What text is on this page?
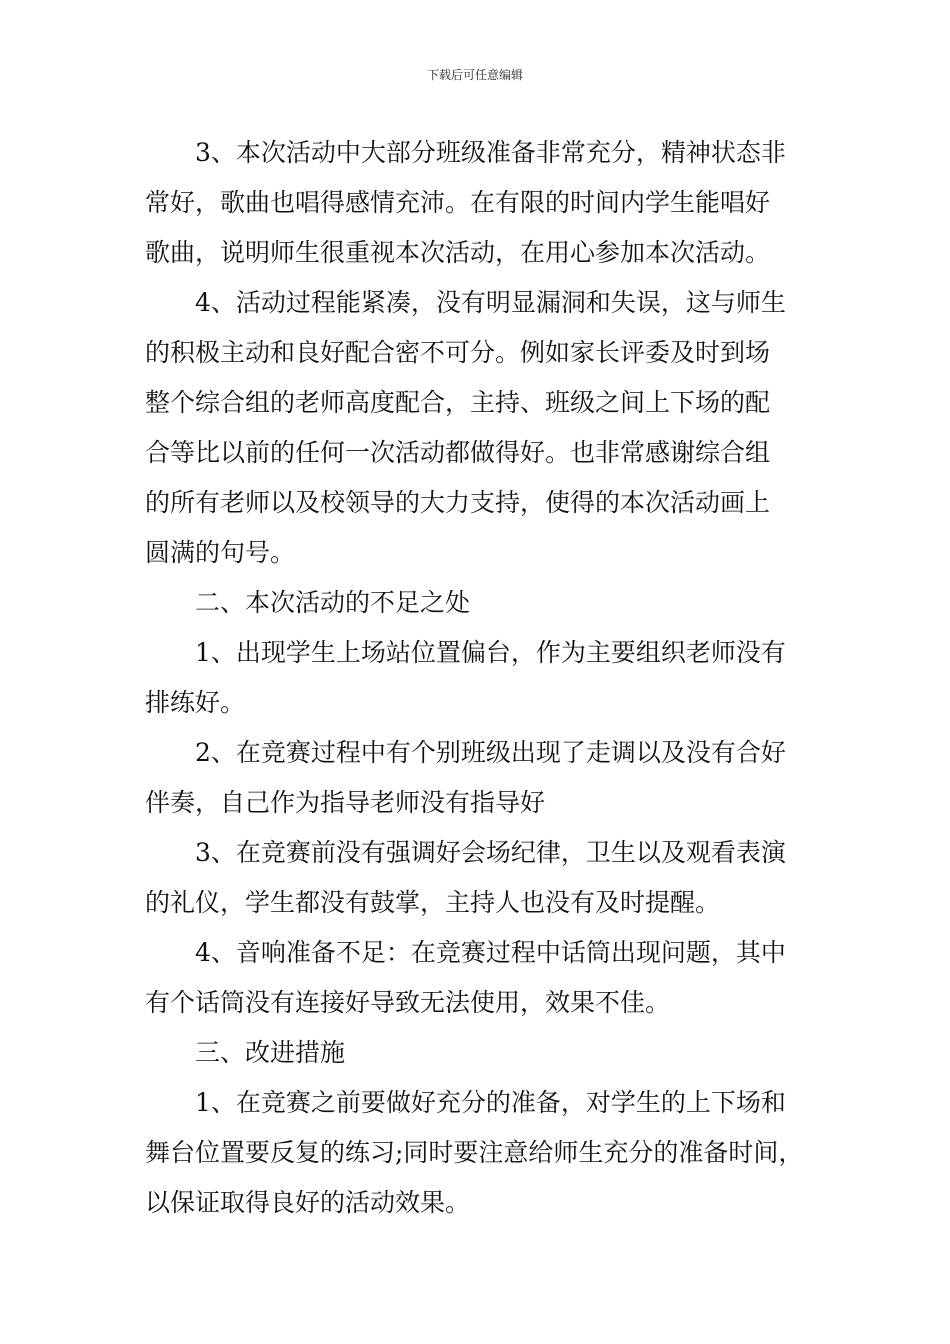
下载后可任意编辑
3、本次活动中大部分班级准备非常充分，精神状态非
常好，歌曲也唱得感情充沛。在有限的时间内学生能唱好
歌曲，说明师生很重视本次活动，在用心参加本次活动。
4、活动过程能紧凑，没有明显漏洞和失误，这与师生
的积极主动和良好配合密不可分。例如家长评委及时到场
整个综合组的老师高度配合，主持、班级之间上下场的配
合等比以前的任何一次活动都做得好。也非常感谢综合组
的所有老师以及校领导的大力支持，使得的本次活动画上
圆满的句号。
二、本次活动的不足之处
1、出现学生上场站位置偏台，作为主要组织老师没有
排练好。
2、在竞赛过程中有个别班级出现了走调以及没有合好
伴奏，自己作为指导老师没有指导好
3、在竞赛前没有强调好会场纪律，卫生以及观看表演
的礼仪，学生都没有鼓掌，主持人也没有及时提醒。
4、音响准备不足：在竞赛过程中话筒出现问题，其中
有个话筒没有连接好导致无法使用，效果不佳。
三、改进措施
1、在竞赛之前要做好充分的准备，对学生的上下场和
舞台位置要反复的练习;同时要注意给师生充分的准备时间，
以保证取得良好的活动效果。
